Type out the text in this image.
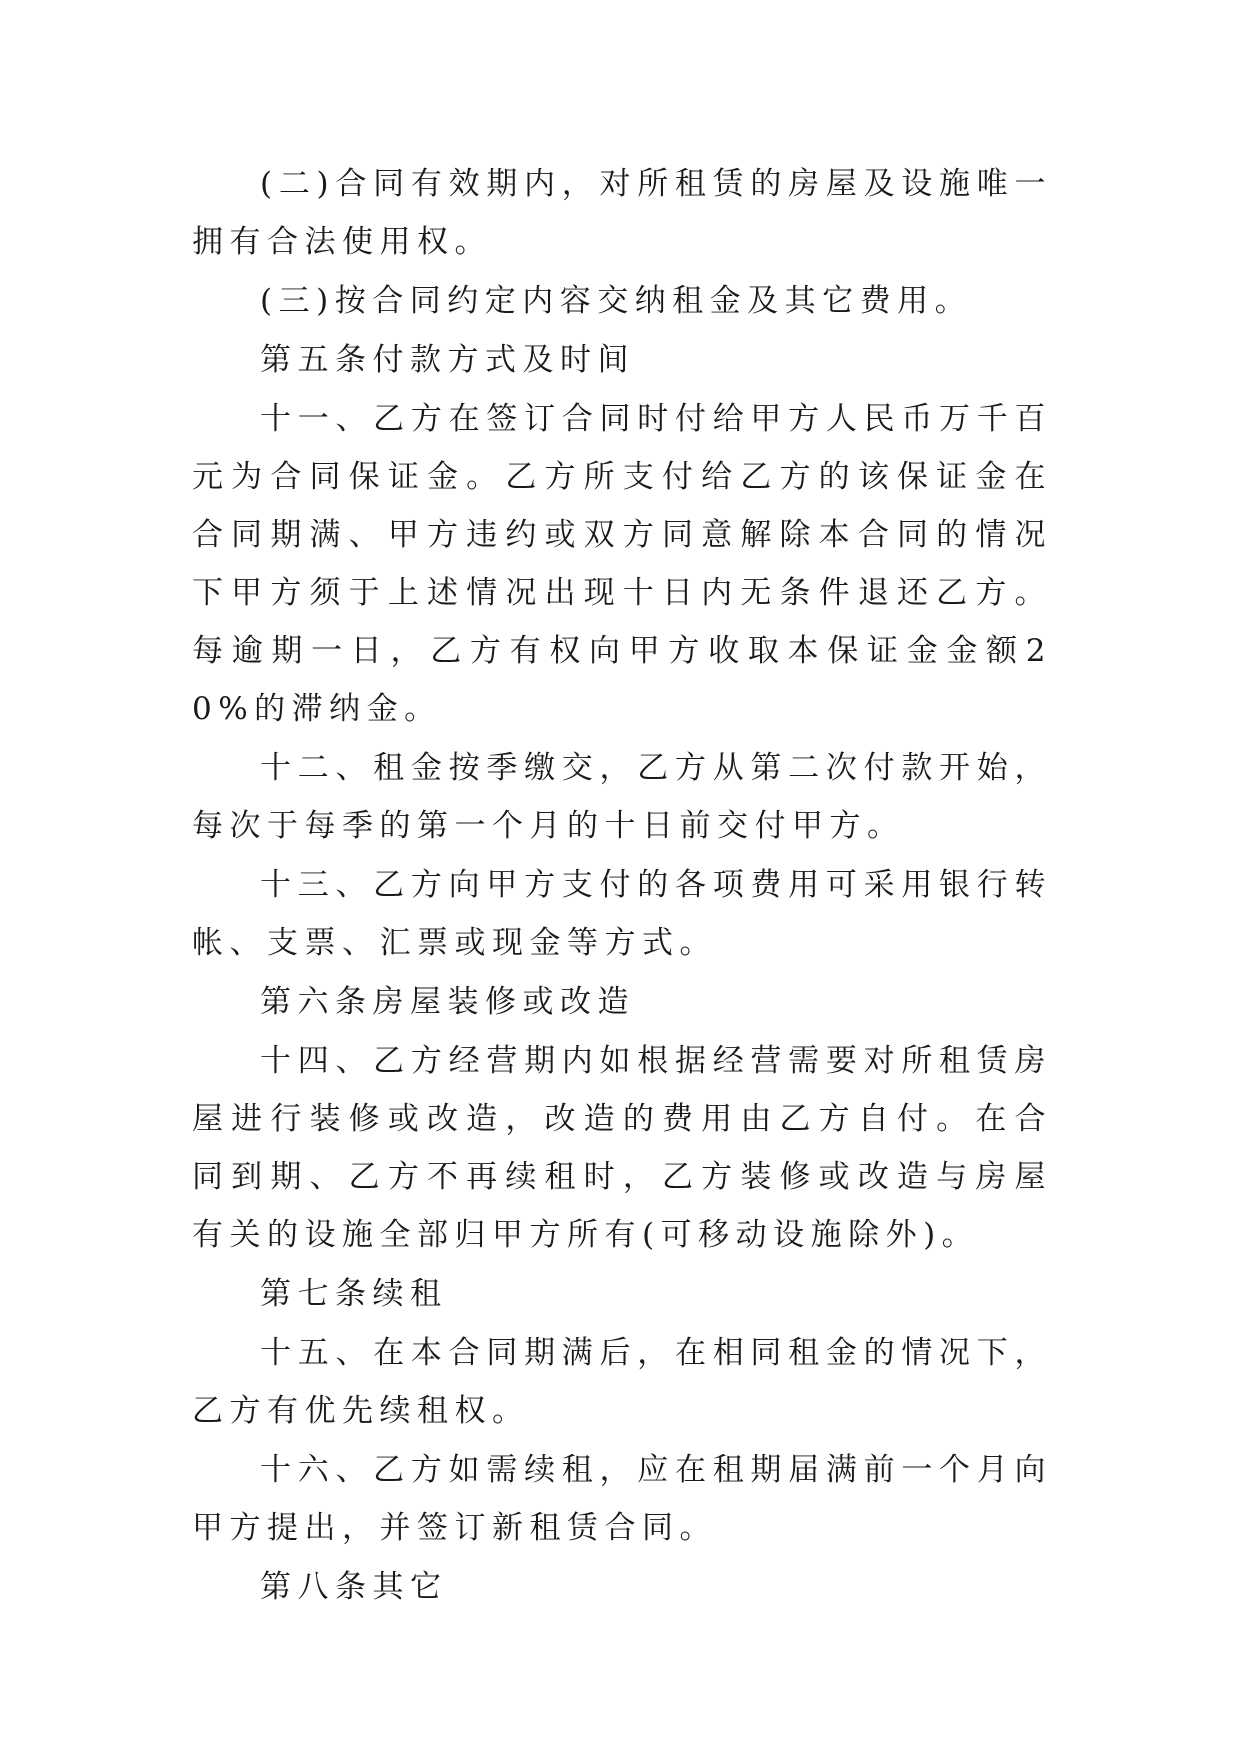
(二)合同有效期内，对所租赁的房屋及设施唯一拥有合法使用权。

(三)按合同约定内容交纳租金及其它费用。

第五条付款方式及时间

十一、乙方在签订合同时付给甲方人民币万千百元为合同保证金。乙方所支付给乙方的该保证金在合同期满、甲方违约或双方同意解除本合同的情况下甲方须于上述情况出现十日内无条件退还乙方。每逾期一日，乙方有权向甲方收取本保证金金额20%的滞纳金。

十二、租金按季缴交，乙方从第二次付款开始，每次于每季的第一个月的十日前交付甲方。

十三、乙方向甲方支付的各项费用可采用银行转帐、支票、汇票或现金等方式。

第六条房屋装修或改造

十四、乙方经营期内如根据经营需要对所租赁房屋进行装修或改造，改造的费用由乙方自付。在合同到期、乙方不再续租时，乙方装修或改造与房屋有关的设施全部归甲方所有(可移动设施除外)。

第七条续租

十五、在本合同期满后，在相同租金的情况下，乙方有优先续租权。

十六、乙方如需续租，应在租期届满前一个月向甲方提出，并签订新租赁合同。

第八条其它
